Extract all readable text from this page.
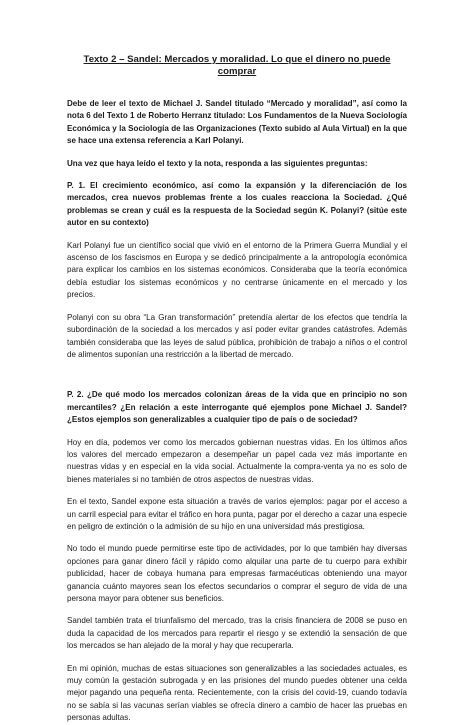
Texto 2 – Sandel: Mercados y moralidad. Lo que el dinero no puede comprar

Debe de leer el texto de Michael J. Sandel titulado “Mercado y moralidad”, así como la nota 6 del Texto 1 de Roberto Herranz titulado: Los Fundamentos de la Nueva Sociología Económica y la Sociología de las Organizaciones (Texto subido al Aula Virtual) en la que se hace una extensa referencia a Karl Polanyi.

Una vez que haya leído el texto y la nota, responda a las siguientes preguntas:

P. 1. El crecimiento económico, así como la expansión y la diferenciación de los mercados, crea nuevos problemas frente a los cuales reacciona la Sociedad. ¿Qué problemas se crean y cuál es la respuesta de la Sociedad según K. Polanyi? (sitúe este autor en su contexto)

Karl Polanyi fue un científico social que vivió en el entorno de la Primera Guerra Mundial y el ascenso de los fascismos en Europa y se dedicó principalmente a la antropología económica para explicar los cambios en los sistemas económicos. Consideraba que la teoría económica debía estudiar los sistemas económicos y no centrarse únicamente en el mercado y los precios.

Polanyi con su obra “La Gran transformación” pretendía alertar de los efectos que tendría la subordinación de la sociedad a los mercados y así poder evitar grandes catástrofes. Además también consideraba que las leyes de salud pública, prohibición de trabajo a niños o el control de alimentos suponían una restricción a la libertad de mercado.

P. 2. ¿De qué modo los mercados colonizan áreas de la vida que en principio no son mercantiles? ¿En relación a este interrogante qué ejemplos pone Michael J. Sandel? ¿Estos ejemplos son generalizables a cualquier tipo de país o de sociedad?

Hoy en día, podemos ver como los mercados gobiernan nuestras vidas. En los últimos años los valores del mercado empezaron a desempeñar un papel cada vez más importante en nuestras vidas y en especial en la vida social. Actualmente la compra-venta ya no es solo de bienes materiales si no también de otros aspectos de nuestras vidas.

En el texto, Sandel expone esta situación a través de varios ejemplos: pagar por el acceso a un carril especial para evitar el tráfico en hora punta, pagar por el derecho a cazar una especie en peligro de extinción o la admisión de su hijo en una universidad más prestigiosa.

No todo el mundo puede permitirse este tipo de actividades, por lo que también hay diversas opciones para ganar dinero fácil y rápido como alquilar una parte de tu cuerpo para exhibir publicidad, hacer de cobaya humana para empresas farmacéuticas obteniendo una mayor ganancia cuánto mayores sean los efectos secundarios o comprar el seguro de vida de una persona mayor para obtener sus beneficios.

Sandel también trata el triunfalismo del mercado, tras la crisis financiera de 2008 se puso en duda la capacidad de los mercados para repartir el riesgo y se extendió la sensación de que los mercados se han alejado de la moral y hay que recuperarla.

En mi opinión, muchas de estas situaciones son generalizables a las sociedades actuales, es muy común la gestación subrogada y en las prisiones del mundo puedes obtener una celda mejor pagando una pequeña renta. Recientemente, con la crisis del covid-19, cuando todavía no se sabía si las vacunas serían viables se ofrecía dinero a cambio de hacer las pruebas en personas adultas.
